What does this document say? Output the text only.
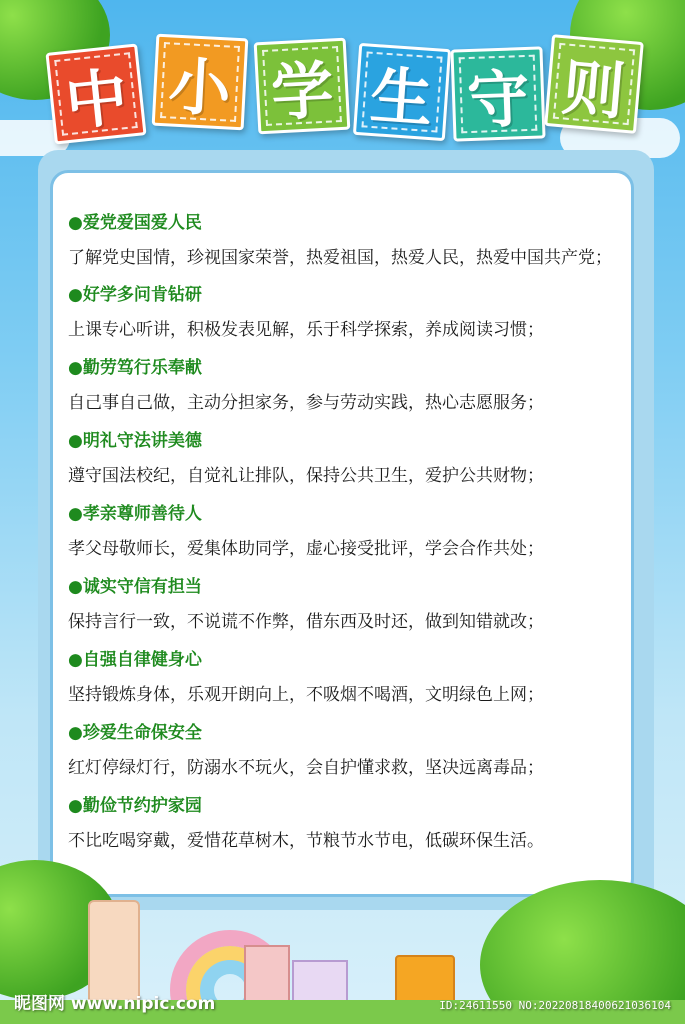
中 小 学 生 守 则
●爱党爱国爱人民
了解党史国情，珍视国家荣誉，热爱祖国，热爱人民，热爱中国共产党；
●好学多问肯钻研
上课专心听讲，积极发表见解，乐于科学探索，养成阅读习惯；
●勤劳笃行乐奉献
自己事自己做，主动分担家务，参与劳动实践，热心志愿服务；
●明礼守法讲美德
遵守国法校纪，自觉礼让排队，保持公共卫生，爱护公共财物；
●孝亲尊师善待人
孝父母敬师长，爱集体助同学，虚心接受批评，学会合作共处；
●诚实守信有担当
保持言行一致，不说谎不作弊，借东西及时还，做到知错就改；
●自强自律健身心
坚持锻炼身体，乐观开朗向上，不吸烟不喝酒，文明绿色上网；
●珍爱生命保安全
红灯停绿灯行，防溺水不玩火，会自护懂求救，坚决远离毒品；
●勤俭节约护家园
不比吃喝穿戴，爱惜花草树木，节粮节水节电，低碳环保生活。
昵图网 www.nipic.com	ID:24611550 NO:20220818400621036104
